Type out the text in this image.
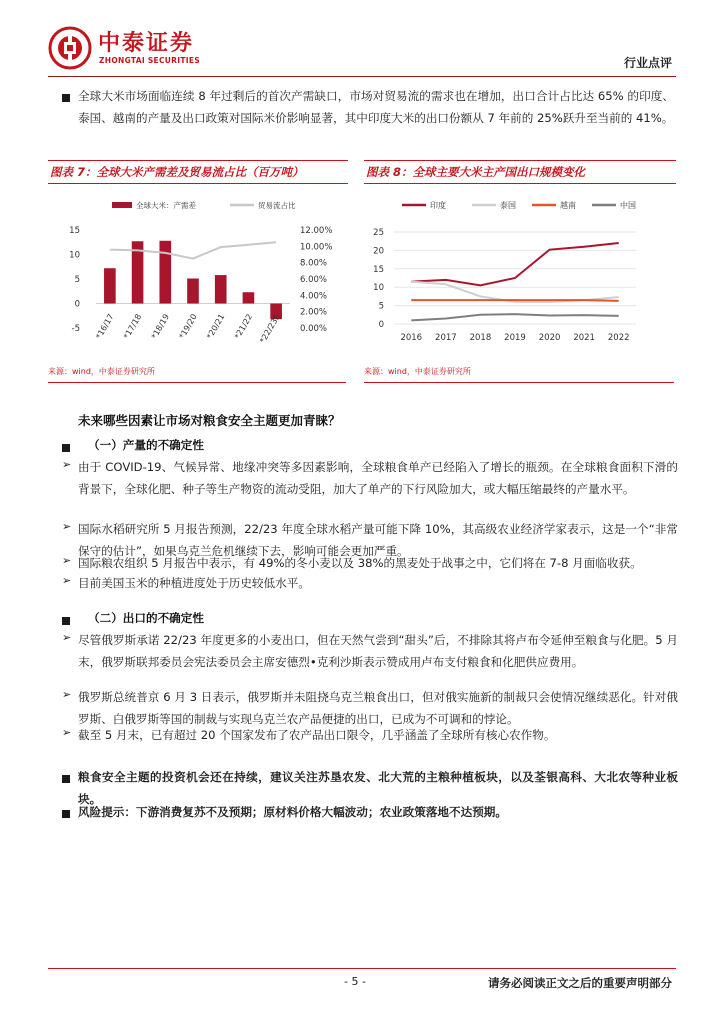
中泰证券
ZHONGTAI SECURITIES	行业点评
全球大米市场面临连续 8 年过剩后的首次产需缺口，市场对贸易流的需求也在增加，出口合计占比达 65% 的印度、泰国、越南的产量及出口政策对国际米价影响显著，其中印度大米的出口份额从 7 年前的 25%跃升至当前的 41%。
图表 7：全球大米产需差及贸易流占比（百万吨）
全球大米：产需差	贸易流占比
15
10
5
0
-5
12.00%
10.00%
8.00%
6.00%
4.00%
2.00%
0.00%
*16/17 *17/18 *18/19 *19/20 *20/21 *21/22 *22/23E
来源：wind，中泰证券研究所
图表 8：全球主要大米主产国出口规模变化
印度	泰国	越南	中国
25
20
15
10
5
0
2016 2017 2018 2019 2020 2021 2022
来源：wind，中泰证券研究所
未来哪些因素让市场对粮食安全主题更加青睐？
（一）产量的不确定性
➢ 由于 COVID-19、气候异常、地缘冲突等多因素影响，全球粮食单产已经陷入了增长的瓶颈。在全球粮食面积下滑的背景下，全球化肥、种子等生产物资的流动受阻，加大了单产的下行风险加大，或大幅压缩最终的产量水平。
➢ 国际水稻研究所 5 月报告预测，22/23 年度全球水稻产量可能下降 10%，其高级农业经济学家表示，这是一个“非常保守的估计”，如果乌克兰危机继续下去，影响可能会更加严重。
➢ 国际粮农组织 5 月报告中表示，有 49%的冬小麦以及 38%的黑麦处于战事之中，它们将在 7-8 月面临收获。
➢ 目前美国玉米的种植进度处于历史较低水平。
（二）出口的不确定性
➢ 尽管俄罗斯承诺 22/23 年度更多的小麦出口，但在天然气尝到“甜头”后，不排除其将卢布令延伸至粮食与化肥。5 月末，俄罗斯联邦委员会宪法委员会主席安德烈•克利沙斯表示赞成用卢布支付粮食和化肥供应费用。
➢ 俄罗斯总统普京 6 月 3 日表示，俄罗斯并未阻挠乌克兰粮食出口，但对俄实施新的制裁只会使情况继续恶化。针对俄罗斯、白俄罗斯等国的制裁与实现乌克兰农产品便捷的出口，已成为不可调和的悖论。
➢ 截至 5 月末，已有超过 20 个国家发布了农产品出口限令，几乎涵盖了全球所有核心农作物。
粮食安全主题的投资机会还在持续，建议关注苏垦农发、北大荒的主粮种植板块，以及荃银高科、大北农等种业板块。
风险提示：下游消费复苏不及预期；原材料价格大幅波动；农业政策落地不达预期。
- 5 -	请务必阅读正文之后的重要声明部分
